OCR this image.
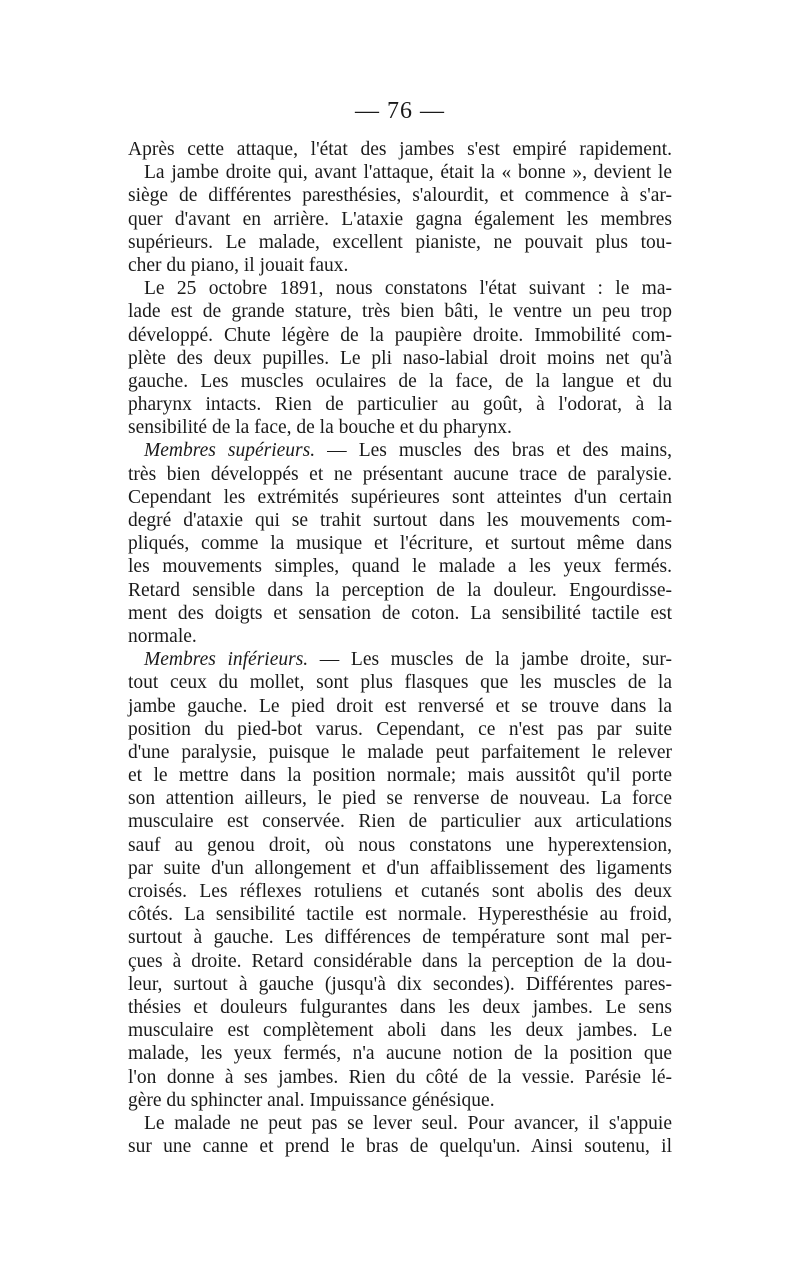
— 76 —
Après cette attaque, l'état des jambes s'est empiré rapidement.
La jambe droite qui, avant l'attaque, était la « bonne », devient le
siège de différentes paresthésies, s'alourdit, et commence à s'ar-
quer d'avant en arrière. L'ataxie gagna également les membres
supérieurs. Le malade, excellent pianiste, ne pouvait plus tou-
cher du piano, il jouait faux.
Le 25 octobre 1891, nous constatons l'état suivant : le ma-
lade est de grande stature, très bien bâti, le ventre un peu trop
développé. Chute légère de la paupière droite. Immobilité com-
plète des deux pupilles. Le pli naso-labial droit moins net qu'à
gauche. Les muscles oculaires de la face, de la langue et du
pharynx intacts. Rien de particulier au goût, à l'odorat, à la
sensibilité de la face, de la bouche et du pharynx.
Membres supérieurs. — Les muscles des bras et des mains,
très bien développés et ne présentant aucune trace de paralysie.
Cependant les extrémités supérieures sont atteintes d'un certain
degré d'ataxie qui se trahit surtout dans les mouvements com-
pliqués, comme la musique et l'écriture, et surtout même dans
les mouvements simples, quand le malade a les yeux fermés.
Retard sensible dans la perception de la douleur. Engourdisse-
ment des doigts et sensation de coton. La sensibilité tactile est
normale.
Membres inférieurs. — Les muscles de la jambe droite, sur-
tout ceux du mollet, sont plus flasques que les muscles de la
jambe gauche. Le pied droit est renversé et se trouve dans la
position du pied-bot varus. Cependant, ce n'est pas par suite
d'une paralysie, puisque le malade peut parfaitement le relever
et le mettre dans la position normale; mais aussitôt qu'il porte
son attention ailleurs, le pied se renverse de nouveau. La force
musculaire est conservée. Rien de particulier aux articulations
sauf au genou droit, où nous constatons une hyperextension,
par suite d'un allongement et d'un affaiblissement des ligaments
croisés. Les réflexes rotuliens et cutanés sont abolis des deux
côtés. La sensibilité tactile est normale. Hyperesthésie au froid,
surtout à gauche. Les différences de température sont mal per-
çues à droite. Retard considérable dans la perception de la dou-
leur, surtout à gauche (jusqu'à dix secondes). Différentes pares-
thésies et douleurs fulgurantes dans les deux jambes. Le sens
musculaire est complètement aboli dans les deux jambes. Le
malade, les yeux fermés, n'a aucune notion de la position que
l'on donne à ses jambes. Rien du côté de la vessie. Parésie lé-
gère du sphincter anal. Impuissance génésique.
Le malade ne peut pas se lever seul. Pour avancer, il s'appuie
sur une canne et prend le bras de quelqu'un. Ainsi soutenu, il
